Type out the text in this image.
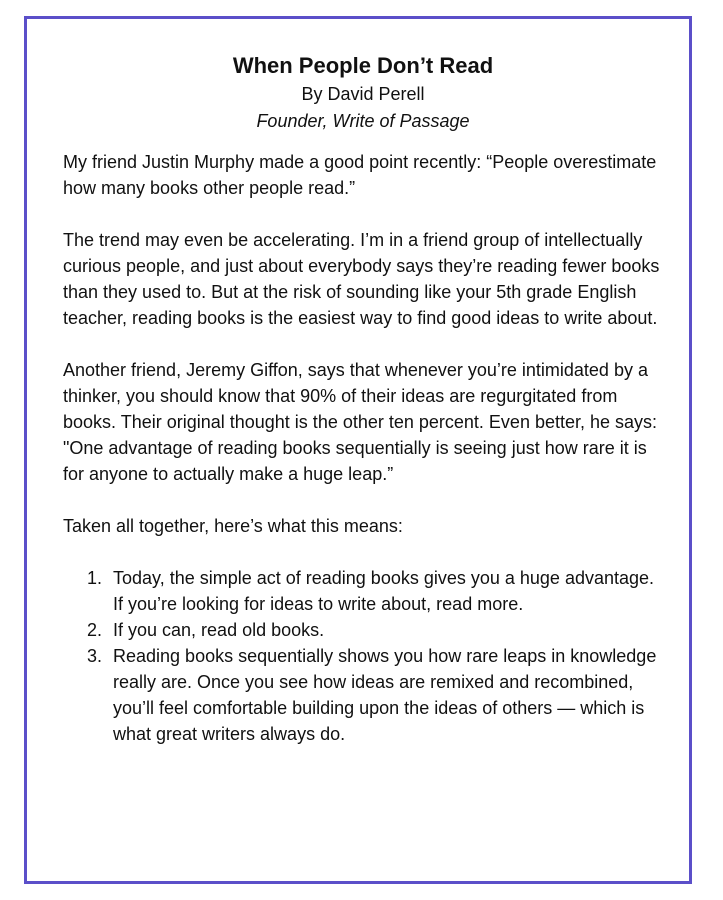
When People Don’t Read

By David Perell

Founder, Write of Passage

My friend Justin Murphy made a good point recently: “People overestimate how many books other people read.”

The trend may even be accelerating. I’m in a friend group of intellectually curious people, and just about everybody says they’re reading fewer books than they used to. But at the risk of sounding like your 5th grade English teacher, reading books is the easiest way to find good ideas to write about.

Another friend, Jeremy Giffon, says that whenever you’re intimidated by a thinker, you should know that 90% of their ideas are regurgitated from books. Their original thought is the other ten percent. Even better, he says: "One advantage of reading books sequentially is seeing just how rare it is for anyone to actually make a huge leap.”

Taken all together, here’s what this means:

1. Today, the simple act of reading books gives you a huge advantage. If you’re looking for ideas to write about, read more.
2. If you can, read old books.
3. Reading books sequentially shows you how rare leaps in knowledge really are. Once you see how ideas are remixed and recombined, you’ll feel comfortable building upon the ideas of others — which is what great writers always do.
